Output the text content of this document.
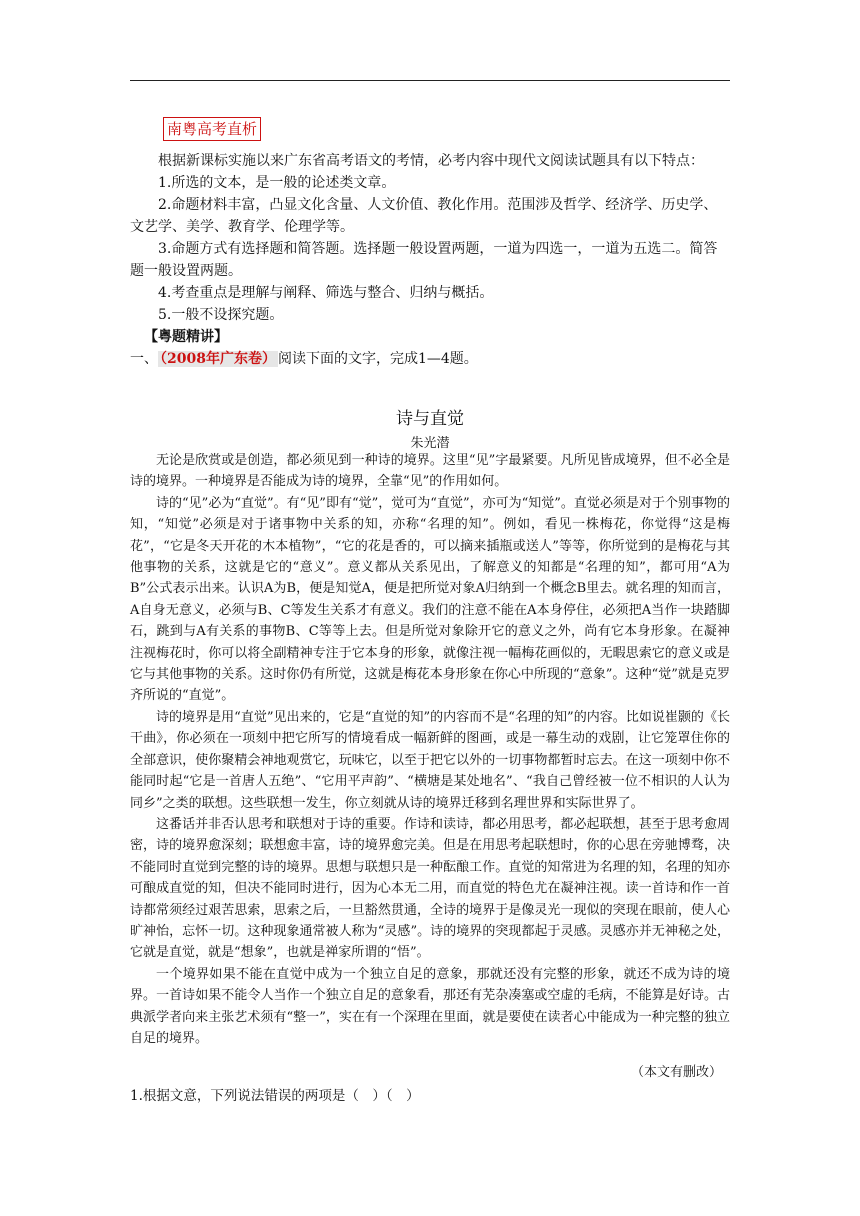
南粤高考直析

根据新课标实施以来广东省高考语文的考情，必考内容中现代文阅读试题具有以下特点：

1.所选的文本，是一般的论述类文章。

2.命题材料丰富，凸显文化含量、人文价值、教化作用。范围涉及哲学、经济学、历史学、文艺学、美学、教育学、伦理学等。

3.命题方式有选择题和简答题。选择题一般设置两题，一道为四选一，一道为五选二。简答题一般设置两题。

4.考查重点是理解与阐释、筛选与整合、归纳与概括。

5.一般不设探究题。

【粤题精讲】

一、 （2008年广东卷） 阅读下面的文字，完成1—4题。

诗与直觉
朱光潜

无论是欣赏或是创造，都必须见到一种诗的境界。这里“见”字最紧要。凡所见皆成境界，但不必全是诗的境界。一种境界是否能成为诗的境界，全靠“见”的作用如何。

诗的“见”必为“直觉”。有“见”即有“觉”，觉可为“直觉”，亦可为“知觉”。直觉必须是对于个别事物的知，“知觉”必须是对于诸事物中关系的知，亦称“名理的知”。例如，看见一株梅花，你觉得“这是梅花”，“它是冬天开花的木本植物”，“它的花是香的，可以摘来插瓶或送人”等等，你所觉到的是梅花与其他事物的关系，这就是它的“意义”。意义都从关系见出，了解意义的知都是“名理的知”，都可用“A为B”公式表示出来。认识A为B，便是知觉A，便是把所觉对象A归纳到一个概念B里去。就名理的知而言，A自身无意义，必须与B、C等发生关系才有意义。我们的注意不能在A本身停住，必须把A当作一块踏脚石，跳到与A有关系的事物B、C等等上去。但是所觉对象除开它的意义之外，尚有它本身形象。在凝神注视梅花时，你可以将全副精神专注于它本身的形象，就像注视一幅梅花画似的，无暇思索它的意义或是它与其他事物的关系。这时你仍有所觉，这就是梅花本身形象在你心中所现的“意象”。这种“觉”就是克罗齐所说的“直觉”。

诗的境界是用“直觉”见出来的，它是“直觉的知”的内容而不是“名理的知”的内容。比如说崔颢的《长干曲》，你必须在一项刻中把它所写的情境看成一幅新鲜的图画，或是一幕生动的戏剧，让它笼罩住你的全部意识，使你聚精会神地观赏它，玩味它，以至于把它以外的一切事物都暂时忘去。在这一项刻中你不能同时起“它是一首唐人五绝”、“它用平声韵”、“横塘是某处地名”、“我自己曾经被一位不相识的人认为同乡”之类的联想。这些联想一发生，你立刻就从诗的境界迁移到名理世界和实际世界了。

这番话并非否认思考和联想对于诗的重要。作诗和读诗，都必用思考，都必起联想，甚至于思考愈周密，诗的境界愈深刻；联想愈丰富，诗的境界愈完美。但是在用思考起联想时，你的心思在旁驰博骛，决不能同时直觉到完整的诗的境界。思想与联想只是一种酝酿工作。直觉的知常进为名理的知，名理的知亦可酿成直觉的知，但决不能同时进行，因为心本无二用，而直觉的特色尤在凝神注视。读一首诗和作一首诗都常须经过艰苦思索，思索之后，一旦豁然贯通，全诗的境界于是像灵光一现似的突现在眼前，使人心旷神怡，忘怀一切。这种现象通常被人称为“灵感”。诗的境界的突现都起于灵感。灵感亦并无神秘之处，它就是直觉，就是“想象”，也就是禅家所谓的“悟”。

一个境界如果不能在直觉中成为一个独立自足的意象，那就还没有完整的形象，就还不成为诗的境界。一首诗如果不能令人当作一个独立自足的意象看，那还有芜杂凑塞或空虚的毛病，不能算是好诗。古典派学者向来主张艺术须有“整一”，实在有一个深理在里面，就是要使在读者心中能成为一种完整的独立自足的境界。

（本文有删改）
1.根据文意，下列说法错误的两项是（　）（　）
